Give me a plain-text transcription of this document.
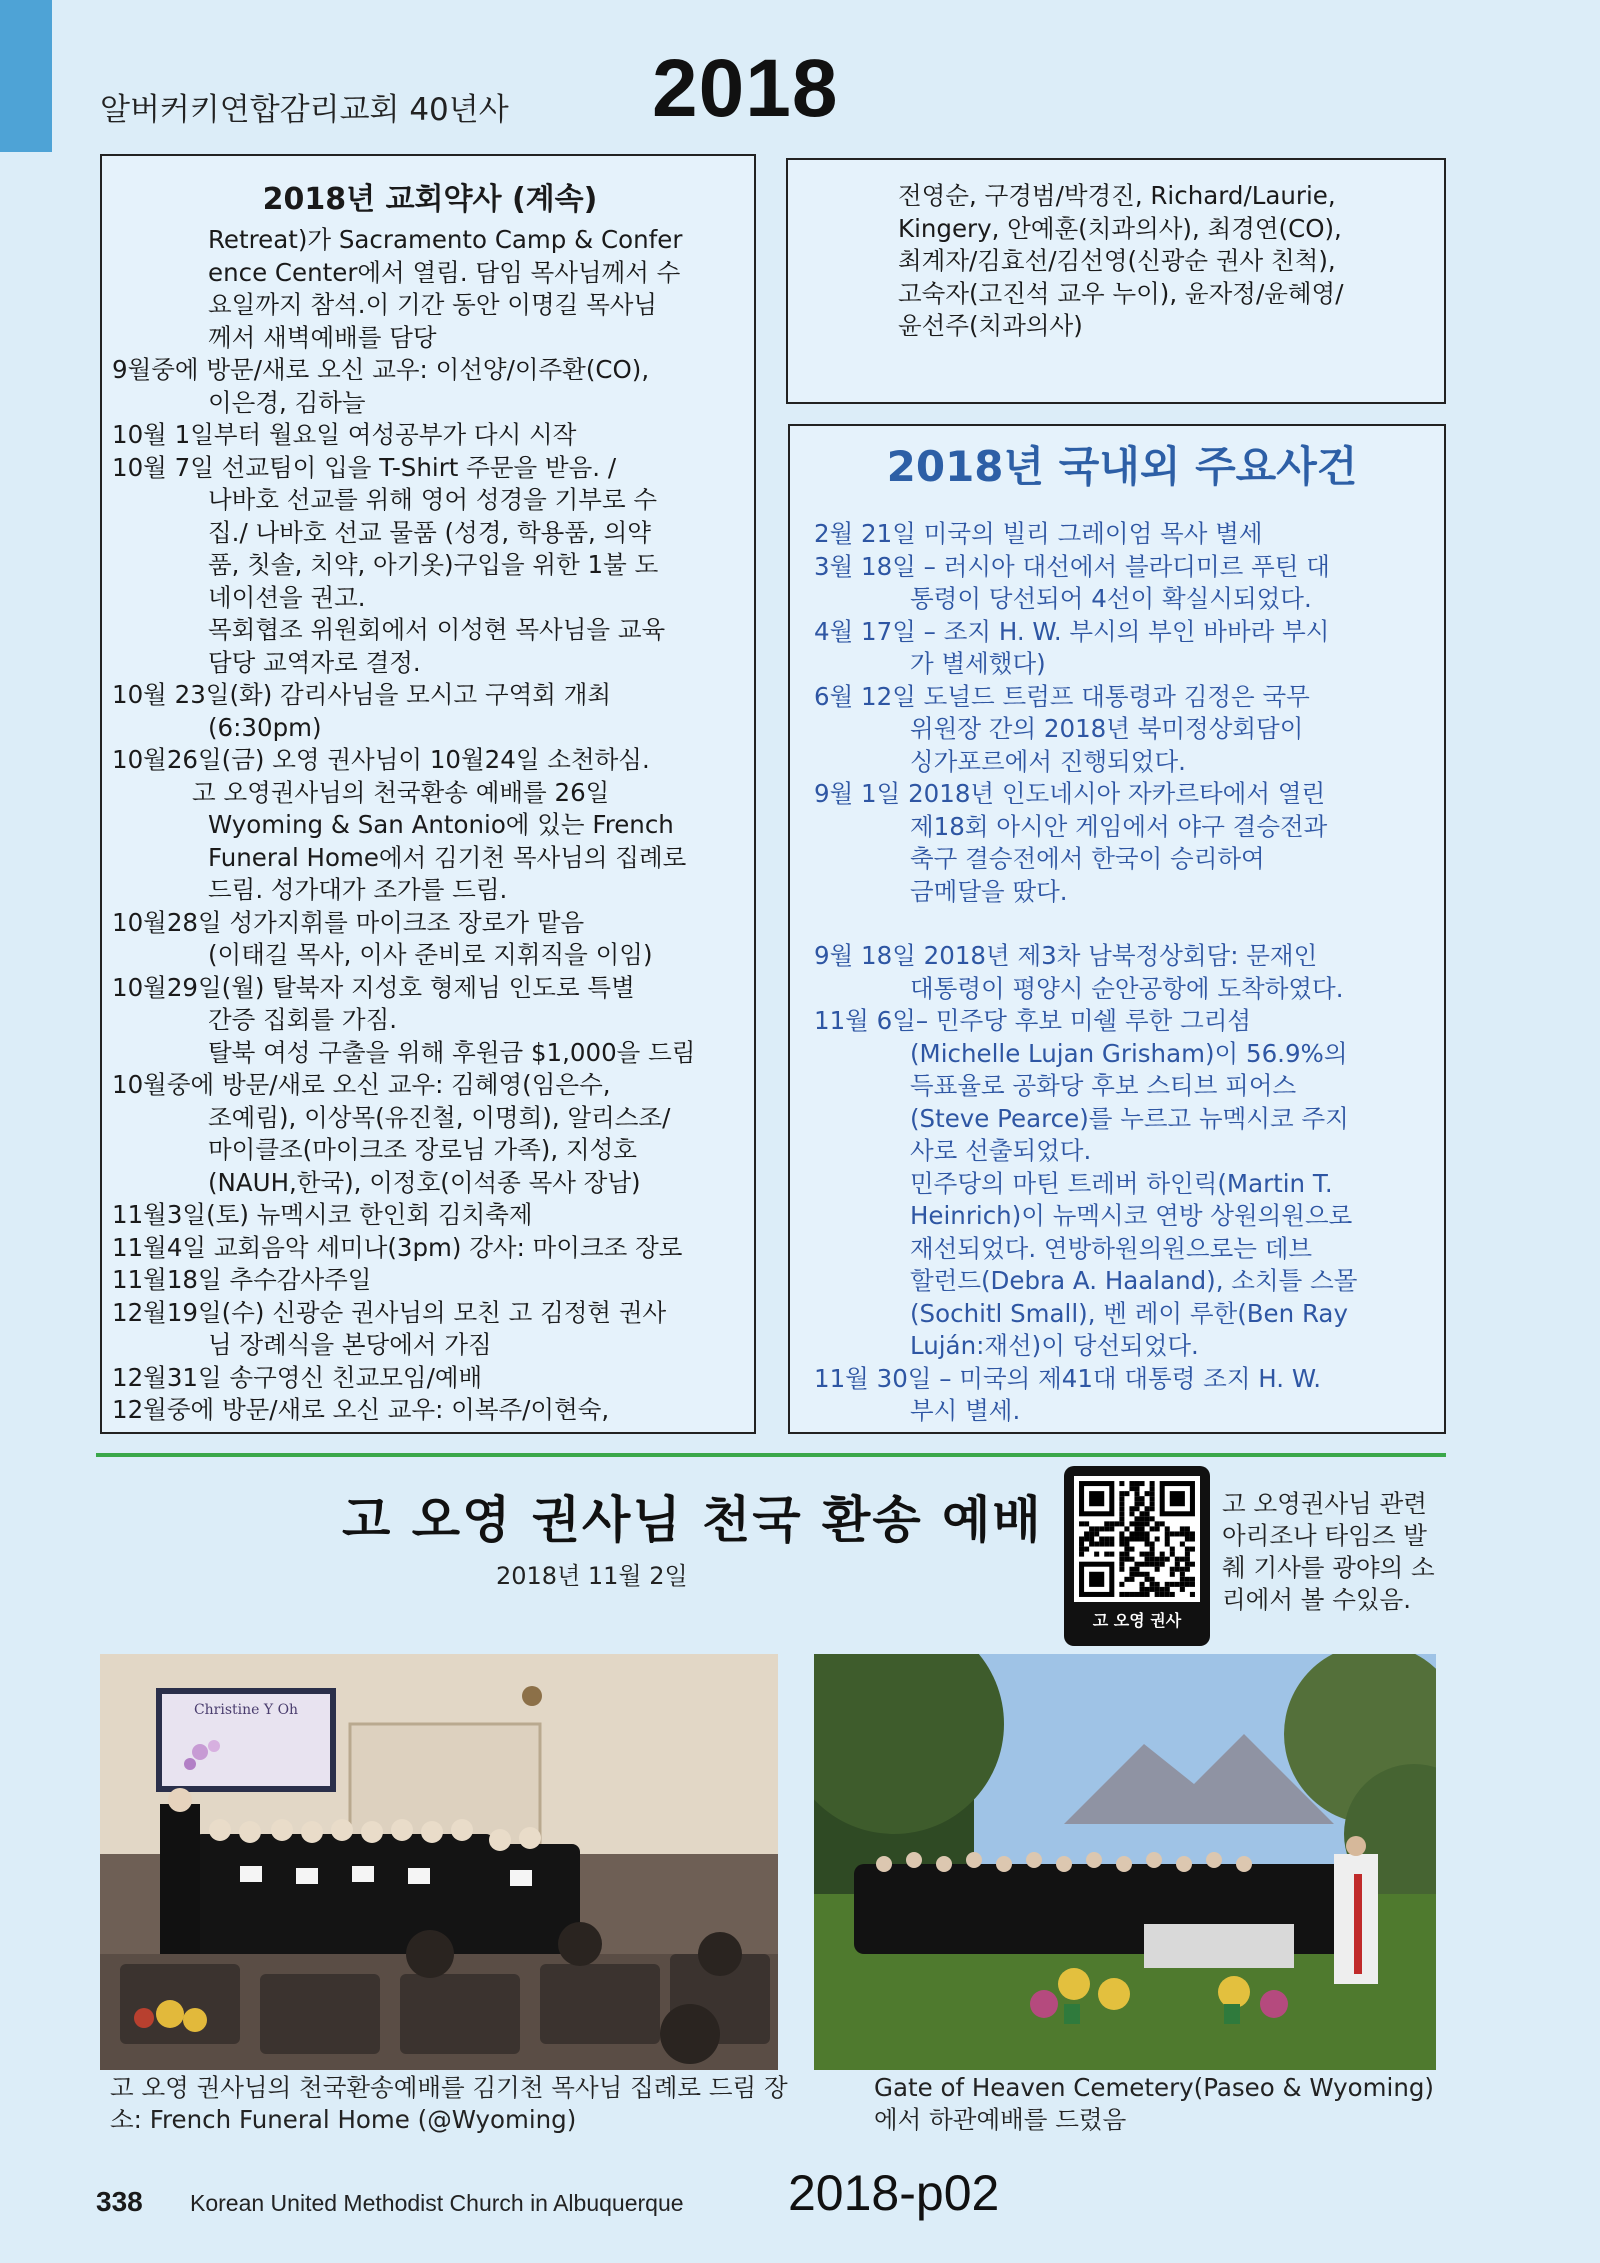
알버커키연합감리교회 40년사 2018
2018년 교회약사 (계속)
Retreat)가 Sacramento Camp & Confer
ence Center에서 열림. 담임 목사님께서 수
요일까지 참석.이 기간 동안 이명길 목사님
께서 새벽예배를 담당
9월중에 방문/새로 오신 교우: 이선양/이주환(CO),
이은경, 김하늘
10월 1일부터 월요일 여성공부가 다시 시작
10월 7일 선교팀이 입을 T-Shirt 주문을 받음. /
나바호 선교를 위해 영어 성경을 기부로 수
집./ 나바호 선교 물품 (성경, 학용품, 의약
품, 칫솔, 치약, 아기옷)구입을 위한 1불 도
네이션을 권고.
목회협조 위원회에서 이성현 목사님을 교육
담당 교역자로 결정.
10월 23일(화) 감리사님을 모시고 구역회 개최
(6:30pm)
10월26일(금) 오영 권사님이 10월24일 소천하심.
고 오영권사님의 천국환송 예배를 26일
Wyoming & San Antonio에 있는 French
Funeral Home에서 김기천 목사님의 집례로
드림. 성가대가 조가를 드림.
10월28일 성가지휘를 마이크조 장로가 맡음
(이태길 목사, 이사 준비로 지휘직을 이임)
10월29일(월) 탈북자 지성호 형제님 인도로 특별
간증 집회를 가짐.
탈북 여성 구출을 위해 후원금 $1,000을 드림
10월중에 방문/새로 오신 교우: 김혜영(임은수,
조예림), 이상목(유진철, 이명희), 알리스조/
마이클조(마이크조 장로님 가족), 지성호
(NAUH,한국), 이정호(이석종 목사 장남)
11월3일(토) 뉴멕시코 한인회 김치축제
11월4일 교회음악 세미나(3pm) 강사: 마이크조 장로
11월18일 추수감사주일
12월19일(수) 신광순 권사님의 모친 고 김정현 권사
님 장례식을 본당에서 가짐
12월31일 송구영신 친교모임/예배
12월중에 방문/새로 오신 교우: 이복주/이현숙,
전영순, 구경범/박경진, Richard/Laurie,
Kingery, 안예훈(치과의사), 최경연(CO),
최계자/김효선/김선영(신광순 권사 친척),
고숙자(고진석 교우 누이), 윤자정/윤혜영/
윤선주(치과의사)
2018년 국내외 주요사건
2월 21일 미국의 빌리 그레이엄 목사 별세
3월 18일 – 러시아 대선에서 블라디미르 푸틴 대
통령이 당선되어 4선이 확실시되었다.
4월 17일 – 조지 H. W. 부시의 부인 바바라 부시
가 별세했다)
6월 12일 도널드 트럼프 대통령과 김정은 국무
위원장 간의 2018년 북미정상회담이
싱가포르에서 진행되었다.
9월 1일 2018년 인도네시아 자카르타에서 열린
제18회 아시안 게임에서 야구 결승전과
축구 결승전에서 한국이 승리하여
금메달을 땄다.
9월 18일 2018년 제3차 남북정상회담: 문재인
대통령이 평양시 순안공항에 도착하였다.
11월 6일– 민주당 후보 미쉘 루한 그리셤
(Michelle Lujan Grisham)이 56.9%의
득표율로 공화당 후보 스티브 피어스
(Steve Pearce)를 누르고 뉴멕시코 주지
사로 선출되었다.
민주당의 마틴 트레버 하인릭(Martin T.
Heinrich)이 뉴멕시코 연방 상원의원으로
재선되었다. 연방하원의원으로는 데브
할런드(Debra A. Haaland), 소치틀 스몰
(Sochitl Small), 벤 레이 루한(Ben Ray
Luján:재선)이 당선되었다.
11월 30일 – 미국의 제41대 대통령 조지 H. W.
부시 별세.
고 오영 권사님 천국 환송 예배
2018년 11월 2일
고 오영 권사
고 오영권사님 관련 아리조나 타임즈 발췌 기사를 광야의 소리에서 볼 수있음.
Christine Y Oh
고 오영 권사님의 천국환송예배를 김기천 목사님 집례로 드림 장소: French Funeral Home (@Wyoming)
Gate of Heaven Cemetery(Paseo & Wyoming)에서 하관예배를 드렸음
338 Korean United Methodist Church in Albuquerque 2018-p02
